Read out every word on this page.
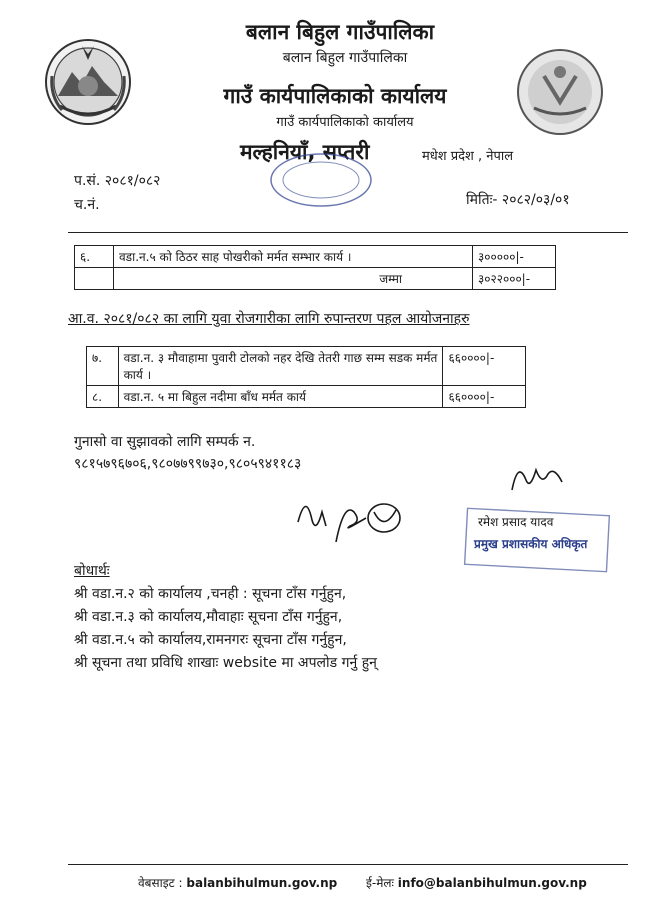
बलान बिहुल गाउँपालिका
बलान बिहुल गाउँपालिका
गाउँ कार्यपालिकाको कार्यालय
गाउँ कार्यपालिकाको कार्यालय
मल्हनियाँ, सप्तरी	मधेश प्रदेश , नेपाल
प.सं. २०८१/०८२
च.नं.	मितिः- २०८२/०३/०१
६.	वडा.न.५ को ठिठर साह पोखरीको मर्मत सम्भार कार्य ।	३०००००|-
	जम्मा	३०२२०००|-
आ.व. २०८१/०८२ का लागि युवा रोजगारीका लागि रुपान्तरण पहल आयोजनाहरु
७.	वडा.न. ३ मौवाहामा पुवारी टोलको नहर देखि तेतरी गाछ सम्म सडक मर्मत कार्य ।	६६००००|-
८.	वडा.न. ५ मा बिहुल नदीमा बाँध मर्मत कार्य	६६००००|-
गुनासो वा सुझावको लागि सम्पर्क न.
९८१५७९६७०६,९८०७७९९७३०,९८०५९४११८३
रमेश प्रसाद यादव
प्रमुख प्रशासकीय अधिकृत
बोधार्थः
श्री वडा.न.२ को कार्यालय ,चनही : सूचना टाँस गर्नुहुन,
श्री वडा.न.३ को कार्यालय,मौवाहाः सूचना टाँस गर्नुहुन,
श्री वडा.न.५ को कार्यालय,रामनगरः सूचना टाँस गर्नुहुन,
श्री सूचना तथा प्रविधि शाखाः website मा अपलोड गर्नु हुन्
वेबसाइट : balanbihulmun.gov.np ई-मेलः info@balanbihulmun.gov.np
